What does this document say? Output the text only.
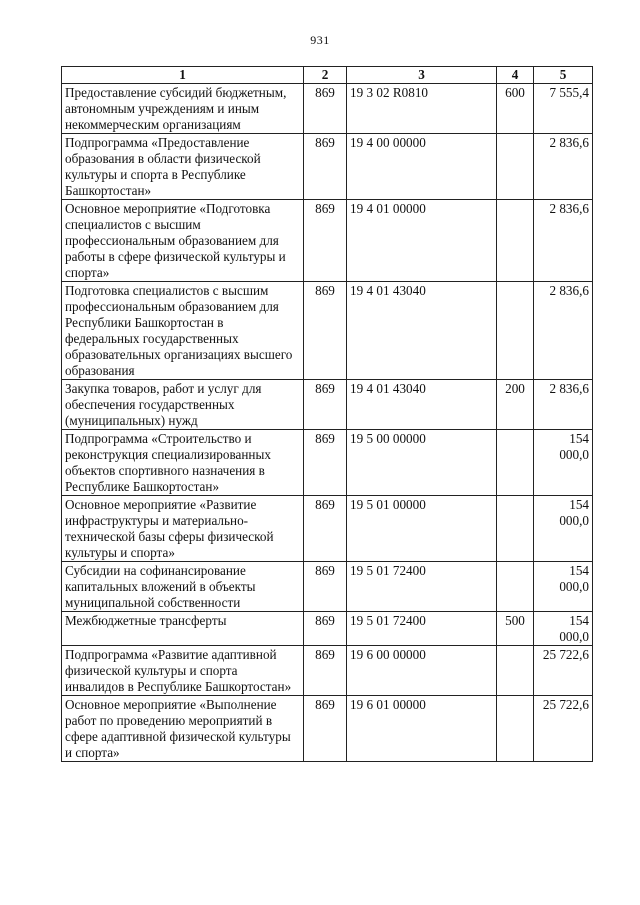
931
1	2	3	4	5
Предоставление субсидий бюджетным, автономным учреждениям и иным некоммерческим организациям	869	19 3 02 R0810	600	7 555,4
Подпрограмма «Предоставление образования в области физической культуры и спорта в Республике Башкортостан»	869	19 4 00 00000		2 836,6
Основное мероприятие «Подготовка специалистов с высшим профессиональным образованием для работы в сфере физической культуры и спорта»	869	19 4 01 00000		2 836,6
Подготовка специалистов с высшим профессиональным образованием для Республики Башкортостан в федеральных государственных образовательных организациях высшего образования	869	19 4 01 43040		2 836,6
Закупка товаров, работ и услуг для обеспечения государственных (муниципальных) нужд	869	19 4 01 43040	200	2 836,6
Подпрограмма «Строительство и реконструкция специализированных объектов спортивного назначения в Республике Башкортостан»	869	19 5 00 00000		154 000,0
Основное мероприятие «Развитие инфраструктуры и материально-технической базы сферы физической культуры и спорта»	869	19 5 01 00000		154 000,0
Субсидии на софинансирование капитальных вложений в объекты муниципальной собственности	869	19 5 01 72400		154 000,0
Межбюджетные трансферты	869	19 5 01 72400	500	154 000,0
Подпрограмма «Развитие адаптивной физической культуры и спорта инвалидов в Республике Башкортостан»	869	19 6 00 00000		25 722,6
Основное мероприятие «Выполнение работ по проведению мероприятий в сфере адаптивной физической культуры и спорта»	869	19 6 01 00000		25 722,6
